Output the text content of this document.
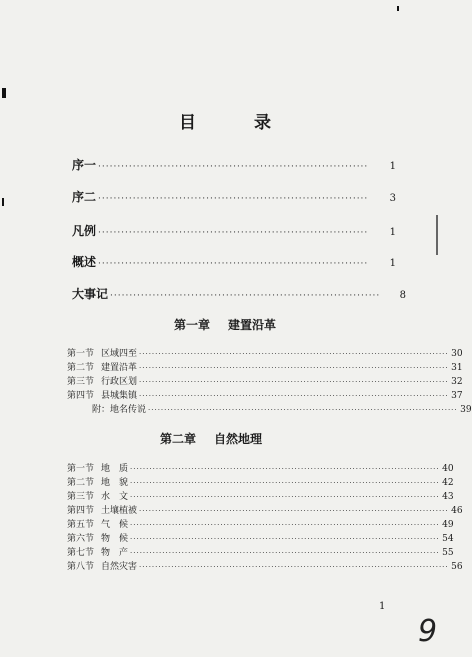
目 录
序一 ······································································	1
序二 ······································································	3
凡例 ······································································	1
概述 ······································································	1
大事记 ······································································	8
第一章 建置沿革
第一节 区域四至 ································································································ 30
第二节 建置沿革 ································································································ 31
第三节 行政区划 ································································································ 32
第四节 县城集镇 ································································································ 37
附：地名传说 ································································································ 39
第二章 自然地理
第一节 地　质 ································································································ 40
第二节 地　貌 ································································································ 42
第三节 水　文 ································································································ 43
第四节 土壤植被 ································································································ 46
第五节 气　候 ································································································ 49
第六节 物　候 ································································································ 54
第七节 物　产 ································································································ 55
第八节 自然灾害 ································································································ 56
1
9
